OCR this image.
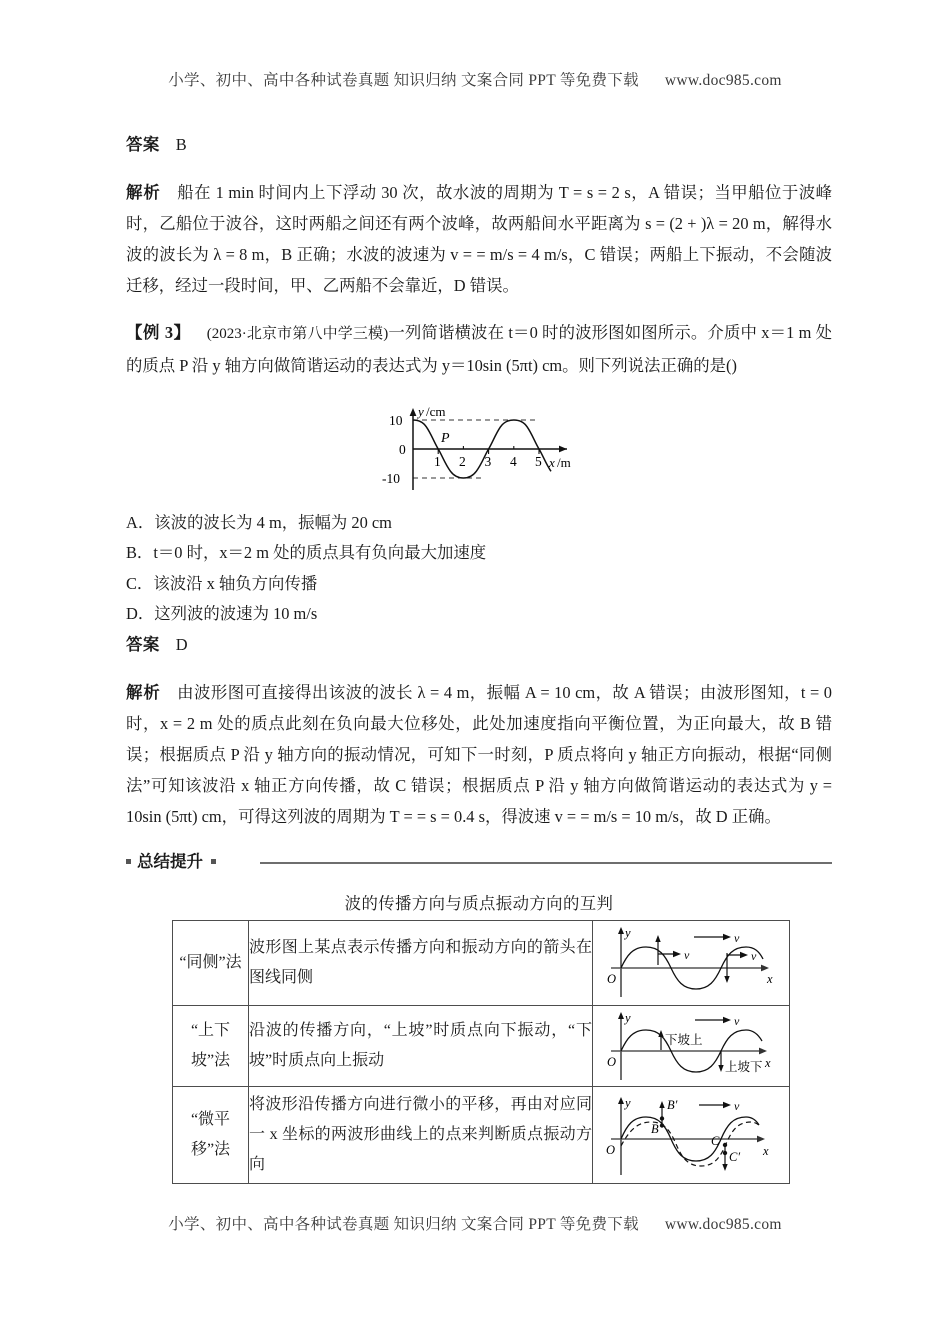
小学、初中、高中各种试卷真题 知识归纳 文案合同 PPT 等免费下载 www.doc985.com

答案 B

解析 船在 1 min 时间内上下浮动 30 次，故水波的周期为 T = s = 2 s，A 错误；当甲船位于波峰时，乙船位于波谷，这时两船之间还有两个波峰，故两船间水平距离为 s = (2 + )λ = 20 m，解得水波的波长为 λ = 8 m，B 正确；水波的波速为 v = = m/s = 4 m/s，C 错误；两船上下振动，不会随波迁移，经过一段时间，甲、乙两船不会靠近，D 错误。

【例 3】 (2023·北京市第八中学三模)一列简谐横波在 t＝0 时的波形图如图所示。介质中 x＝1 m 处的质点 P 沿 y 轴方向做简谐运动的表达式为 y＝10sin (5πt) cm。则下列说法正确的是()

y /cm
10
0
-10
1 2 3 4 5 x /m
P

A．该波的波长为 4 m，振幅为 20 cm

B．t＝0 时，x＝2 m 处的质点具有负向最大加速度

C．该波沿 x 轴负方向传播

D．这列波的波速为 10 m/s

答案 D

解析 由波形图可直接得出该波的波长 λ = 4 m，振幅 A = 10 cm，故 A 错误；由波形图知，t = 0 时，x = 2 m 处的质点此刻在负向最大位移处，此处加速度指向平衡位置，为正向最大，故 B 错误；根据质点 P 沿 y 轴方向的振动情况，可知下一时刻，P 质点将向 y 轴正方向振动，根据“同侧法”可知该波沿 x 轴正方向传播，故 C 错误；根据质点 P 沿 y 轴方向做简谐运动的表达式为 y = 10sin (5πt) cm，可得这列波的周期为 T = = s = 0.4 s，得波速 v = = m/s = 10 m/s，故 D 正确。

总结提升
波的传播方向与质点振动方向的互判
“同侧”法	波形图上某点表示传播方向和振动方向的箭头在图线同侧	
v
v
v
y
O	x

“上下坡”法	沿波的传播方向，“上坡”时质点向下振动，“下坡”时质点向上振动	
v
下坡上
上坡下
y
O	x

“微平移”法	将波形沿传播方向进行微小的平移，再由对应同一 x 坐标的两波形曲线上的点来判断质点振动方向	
B
B′	v
C
C′
y
O	x
小学、初中、高中各种试卷真题 知识归纳 文案合同 PPT 等免费下载 www.doc985.com
